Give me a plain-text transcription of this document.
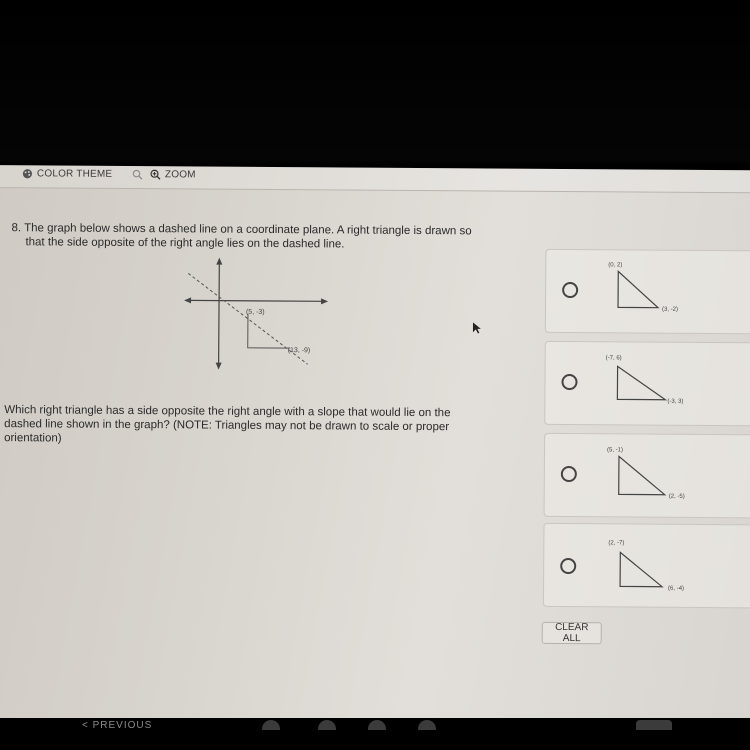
COLOR THEME	ZOOM
8. The graph below shows a dashed line on a coordinate plane. A right triangle is drawn so
that the side opposite of the right angle lies on the dashed line.
(5, -3)
(13, -9)
Which right triangle has a side opposite the right angle with a slope that would lie on the
dashed line shown in the graph? (NOTE: Triangles may not be drawn to scale or proper
orientation)
(0, 2)
(3, -2)
(-7, 6)
(-3, 3)
(5, -1)
(2, -5)
(2, -7)
(6, -4)
CLEAR ALL
< PREVIOUS
